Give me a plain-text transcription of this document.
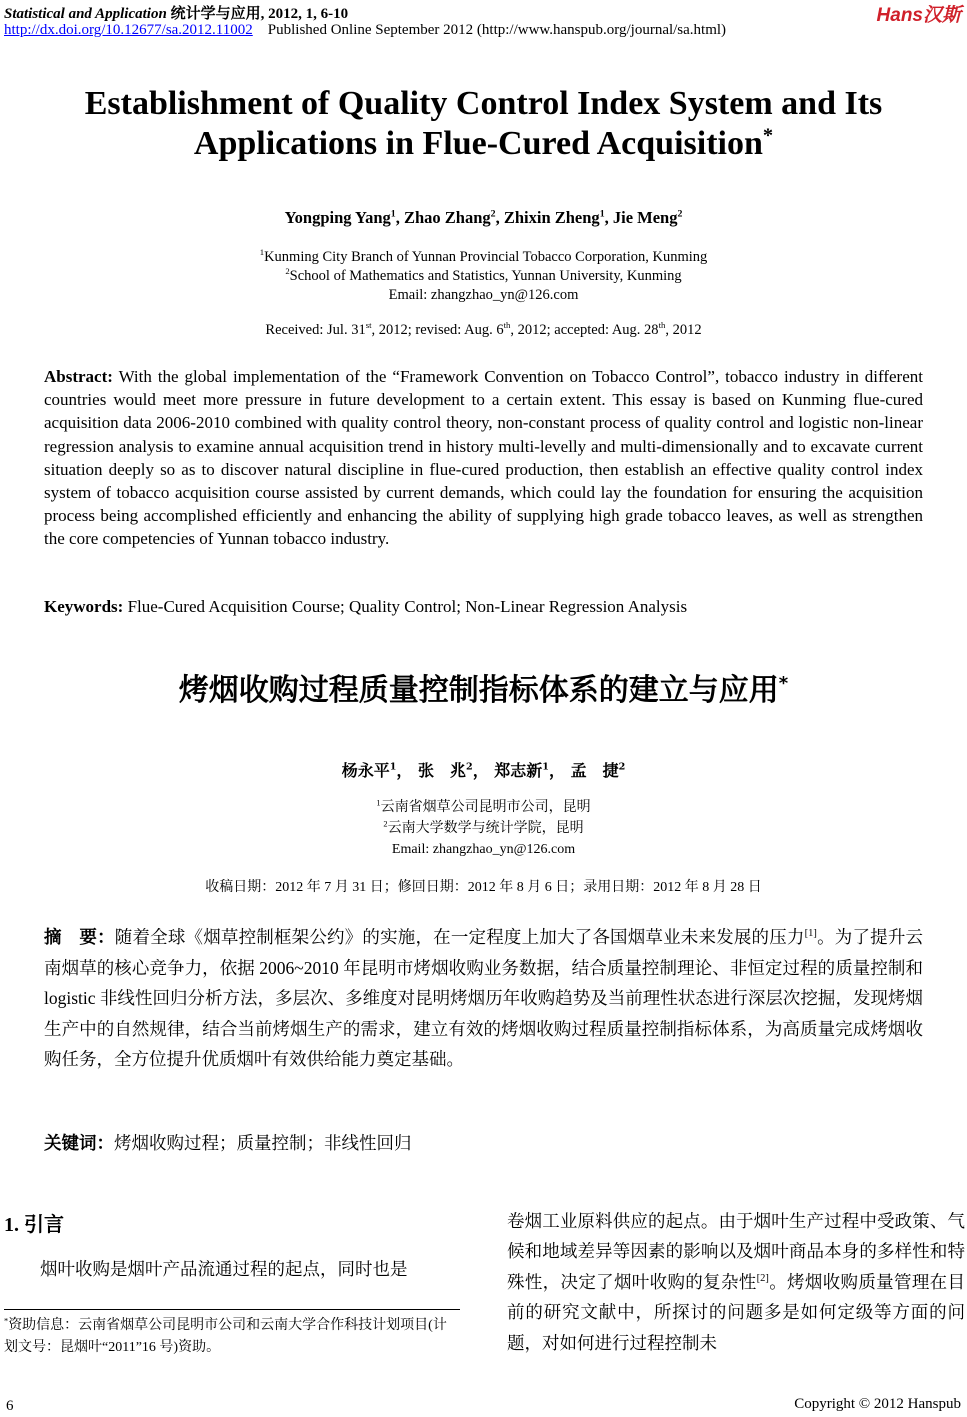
Statistical and Application 统计学与应用, 2012, 1, 6-10
http://dx.doi.org/10.12677/sa.2012.11002 Published Online September 2012 (http://www.hanspub.org/journal/sa.html)
Hans汉斯
Establishment of Quality Control Index System and Its Applications in Flue-Cured Acquisition*
Yongping Yang$^1$, Zhao Zhang$^2$, Zhixin Zheng$^1$, Jie Meng$^2$
$^1$Kunming City Branch of Yunnan Provincial Tobacco Corporation, Kunming
$^2$School of Mathematics and Statistics, Yunnan University, Kunming
Email: zhangzhao_yn@126.com
Received: Jul. 31st, 2012; revised: Aug. 6th, 2012; accepted: Aug. 28th, 2012
Abstract: With the global implementation of the “Framework Convention on Tobacco Control”, tobacco industry in different countries would meet more pressure in future development to a certain extent. This essay is based on Kunming flue-cured acquisition data 2006-2010 combined with quality control theory, non-constant process of quality control and logistic non-linear regression analysis to examine annual acquisition trend in history multi-levelly and multi-dimensionally and to excavate current situation deeply so as to discover natural discipline in flue-cured production, then establish an effective quality control index system of tobacco acquisition course assisted by current demands, which could lay the foundation for ensuring the acquisition process being accomplished efficiently and enhancing the ability of supplying high grade tobacco leaves, as well as strengthen the core competencies of Yunnan tobacco industry.
Keywords: Flue-Cured Acquisition Course; Quality Control; Non-Linear Regression Analysis
烤烟收购过程质量控制指标体系的建立与应用*
杨永平$^1$， 张　兆$^2$， 郑志新$^1$， 孟　捷$^2$
$^1$云南省烟草公司昆明市公司，昆明
$^2$云南大学数学与统计学院，昆明
Email: zhangzhao_yn@126.com
收稿日期：2012 年 7 月 31 日；修回日期：2012 年 8 月 6 日；录用日期：2012 年 8 月 28 日
摘　要：随着全球《烟草控制框架公约》的实施，在一定程度上加大了各国烟草业未来发展的压力[1]。为了提升云南烟草的核心竞争力，依据 2006~2010 年昆明市烤烟收购业务数据，结合质量控制理论、非恒定过程的质量控制和 logistic 非线性回归分析方法，多层次、多维度对昆明烤烟历年收购趋势及当前理性状态进行深层次挖掘，发现烤烟生产中的自然规律，结合当前烤烟生产的需求，建立有效的烤烟收购过程质量控制指标体系，为高质量完成烤烟收购任务，全方位提升优质烟叶有效供给能力奠定基础。
关键词：烤烟收购过程；质量控制；非线性回归
1. 引言
烟叶收购是烟叶产品流通过程的起点，同时也是
卷烟工业原料供应的起点。由于烟叶生产过程中受政策、气候和地域差异等因素的影响以及烟叶商品本身的多样性和特殊性，决定了烟叶收购的复杂性[2]。烤烟收购质量管理在目前的研究文献中，所探讨的问题多是如何定级等方面的问题，对如何进行过程控制未
*资助信息：云南省烟草公司昆明市公司和云南大学合作科技计划项目(计划文号：昆烟叶“2011”16 号)资助。
6	Copyright © 2012 Hanspub
